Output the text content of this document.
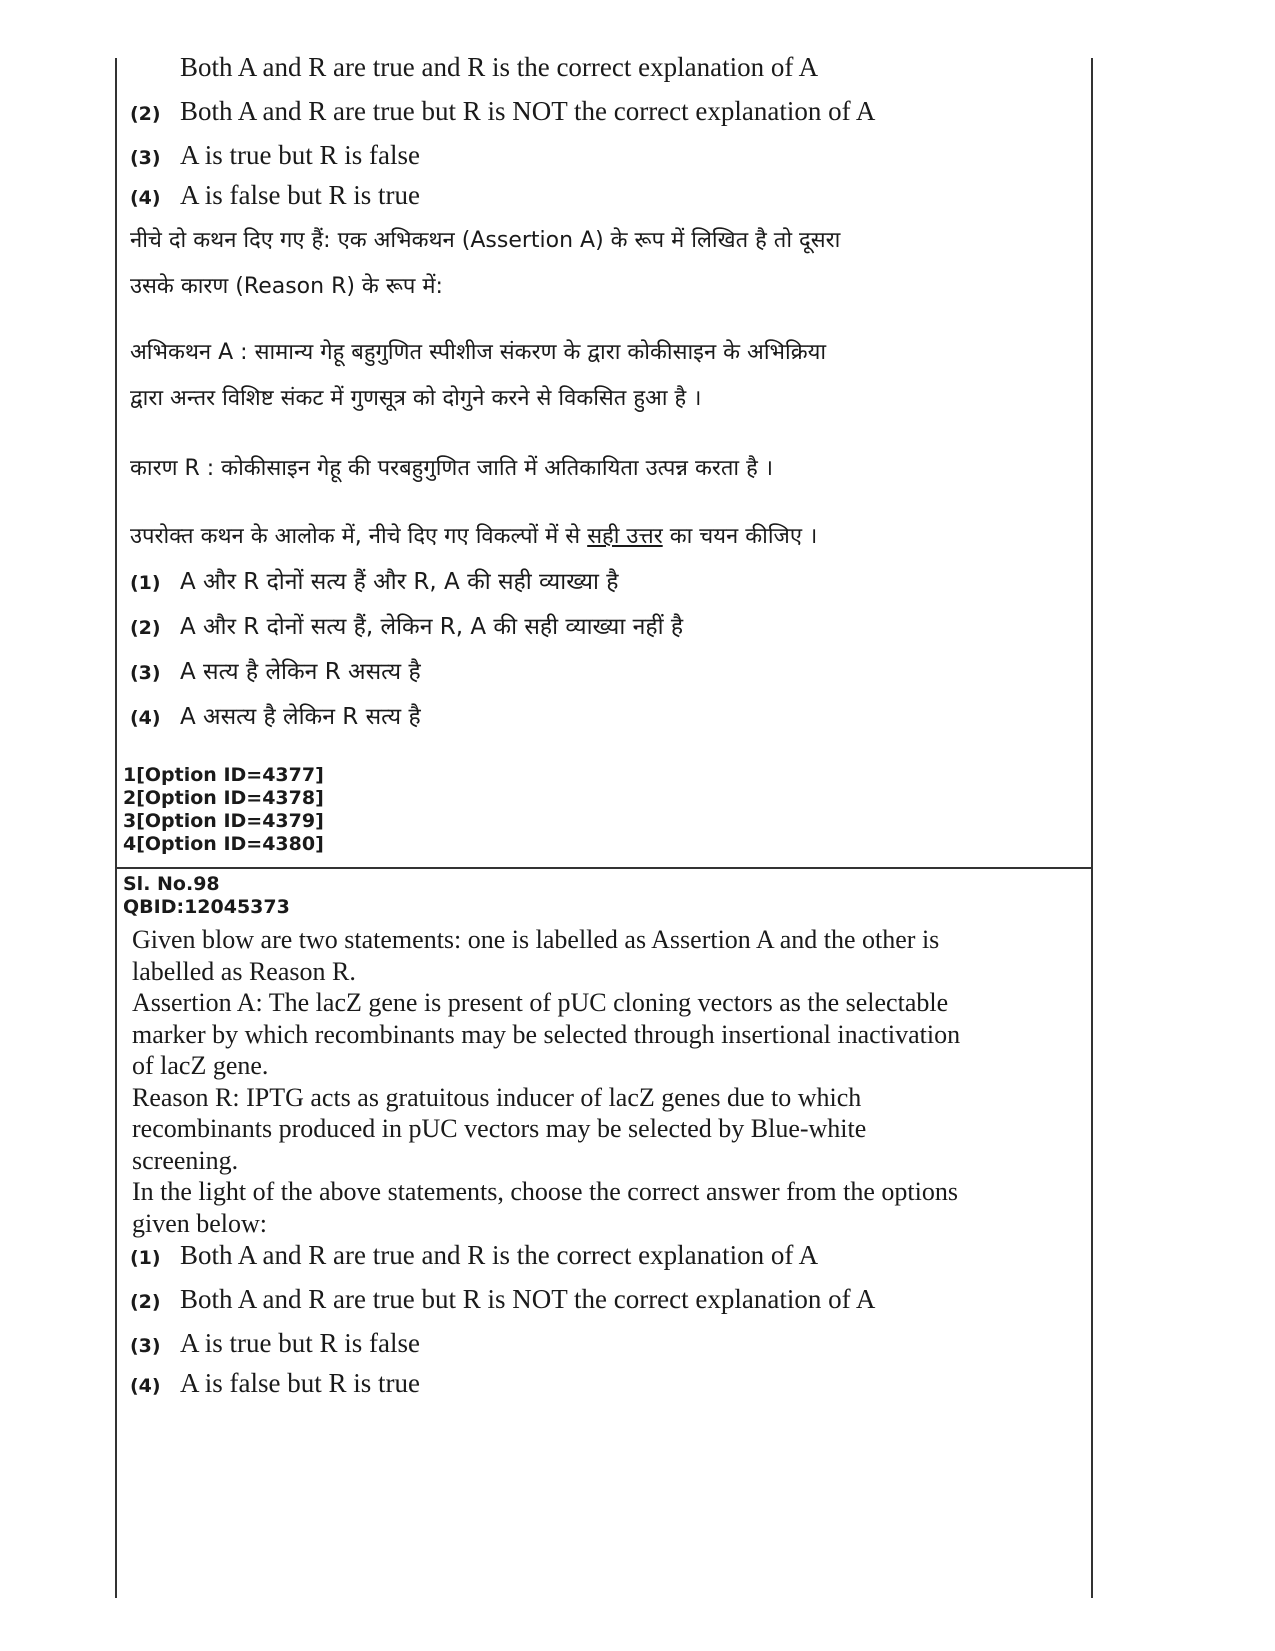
Both A and R are true and R is the correct explanation of A
(2) Both A and R are true but R is NOT the correct explanation of A
(3) A is true but R is false
(4) A is false but R is true

नीचे दो कथन दिए गए हैं: एक अभिकथन (Assertion A) के रूप में लिखित है तो दूसरा

उसके कारण (Reason R) के रूप में:

अभिकथन A : सामान्य गेहू बहुगुणित स्पीशीज संकरण के द्वारा कोकीसाइन के अभिक्रिया

द्वारा अन्तर विशिष्ट संकट में गुणसूत्र को दोगुने करने से विकसित हुआ है ।

कारण R : कोकीसाइन गेहू की परबहुगुणित जाति में अतिकायिता उत्पन्न करता है ।

उपरोक्त कथन के आलोक में, नीचे दिए गए विकल्पों में से सही उत्तर का चयन कीजिए ।

(1) A और R दोनों सत्य हैं और R, A की सही व्याख्या है
(2) A और R दोनों सत्य हैं, लेकिन R, A की सही व्याख्या नहीं है
(3) A सत्य है लेकिन R असत्य है
(4) A असत्य है लेकिन R सत्य है
1[Option ID=4377]
2[Option ID=4378]
3[Option ID=4379]
4[Option ID=4380]
Sl. No.98
QBID:12045373
Given blow are two statements: one is labelled as Assertion A and the other is
labelled as Reason R.
Assertion A: The lacZ gene is present of pUC cloning vectors as the selectable
marker by which recombinants may be selected through insertional inactivation
of lacZ gene.
Reason R: IPTG acts as gratuitous inducer of lacZ genes due to which
recombinants produced in pUC vectors may be selected by Blue-white
screening.
In the light of the above statements, choose the correct answer from the options
given below:
(1) Both A and R are true and R is the correct explanation of A
(2) Both A and R are true but R is NOT the correct explanation of A
(3) A is true but R is false
(4) A is false but R is true
